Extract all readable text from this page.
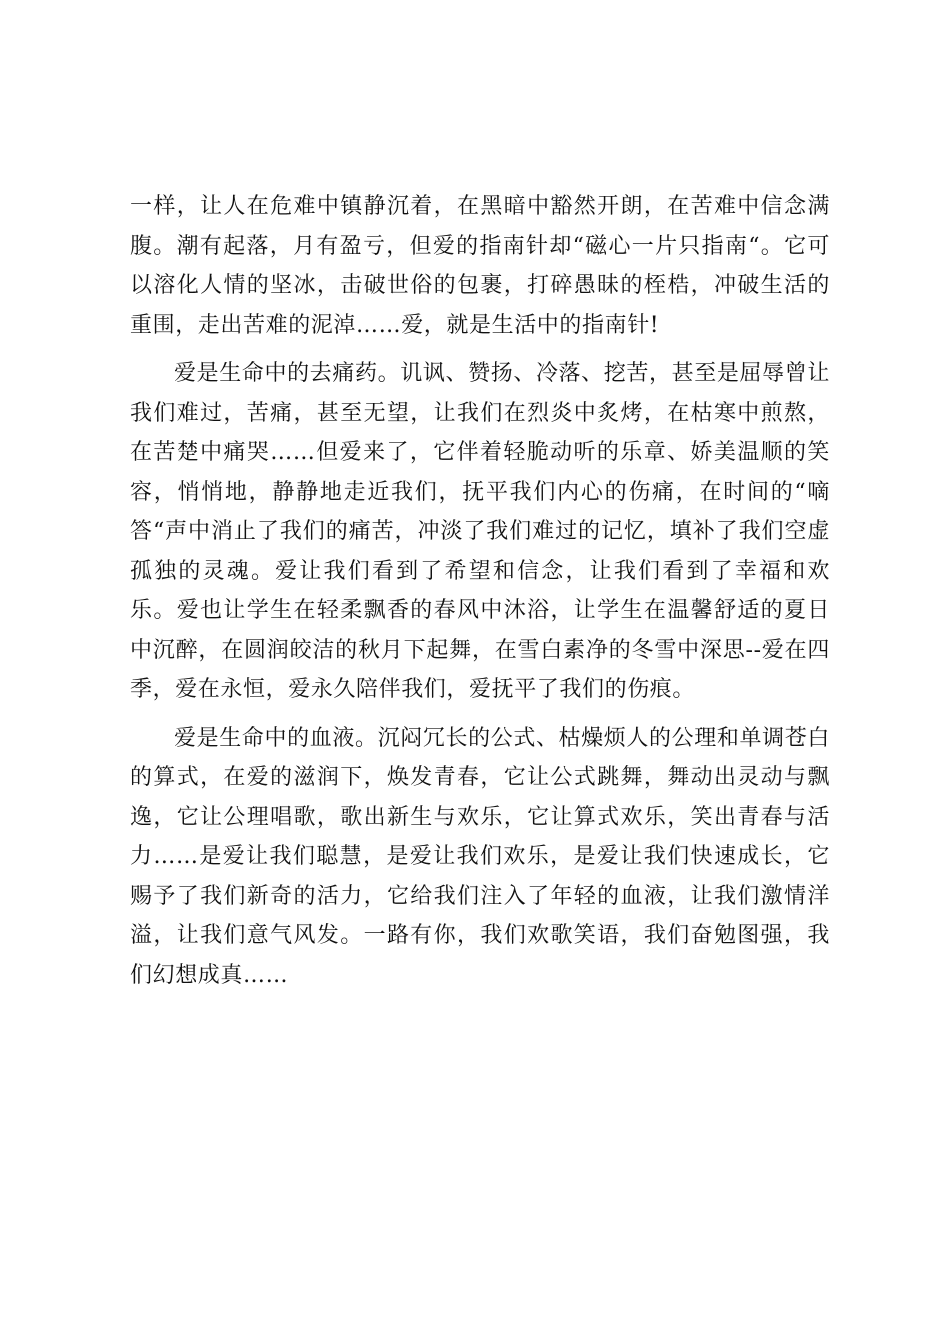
一样，让人在危难中镇静沉着，在黑暗中豁然开朗，在苦难中信念满腹。潮有起落，月有盈亏，但爱的指南针却“磁心一片只指南“。它可以溶化人情的坚冰，击破世俗的包裹，打碎愚昧的桎梏，冲破生活的重围，走出苦难的泥淖……爱，就是生活中的指南针!

爱是生命中的去痛药。讥讽、赞扬、冷落、挖苦，甚至是屈辱曾让我们难过，苦痛，甚至无望，让我们在烈炎中炙烤，在枯寒中煎熬，在苦楚中痛哭……但爱来了，它伴着轻脆动听的乐章、娇美温顺的笑容，悄悄地，静静地走近我们，抚平我们内心的伤痛，在时间的“嘀答“声中消止了我们的痛苦，冲淡了我们难过的记忆，填补了我们空虚孤独的灵魂。爱让我们看到了希望和信念，让我们看到了幸福和欢乐。爱也让学生在轻柔飘香的春风中沐浴，让学生在温馨舒适的夏日中沉醉，在圆润皎洁的秋月下起舞，在雪白素净的冬雪中深思--爱在四季，爱在永恒，爱永久陪伴我们，爱抚平了我们的伤痕。

爱是生命中的血液。沉闷冗长的公式、枯燥烦人的公理和单调苍白的算式，在爱的滋润下，焕发青春，它让公式跳舞，舞动出灵动与飘逸，它让公理唱歌，歌出新生与欢乐，它让算式欢乐，笑出青春与活力……是爱让我们聪慧，是爱让我们欢乐，是爱让我们快速成长，它赐予了我们新奇的活力，它给我们注入了年轻的血液，让我们激情洋溢，让我们意气风发。一路有你，我们欢歌笑语，我们奋勉图强，我们幻想成真……
